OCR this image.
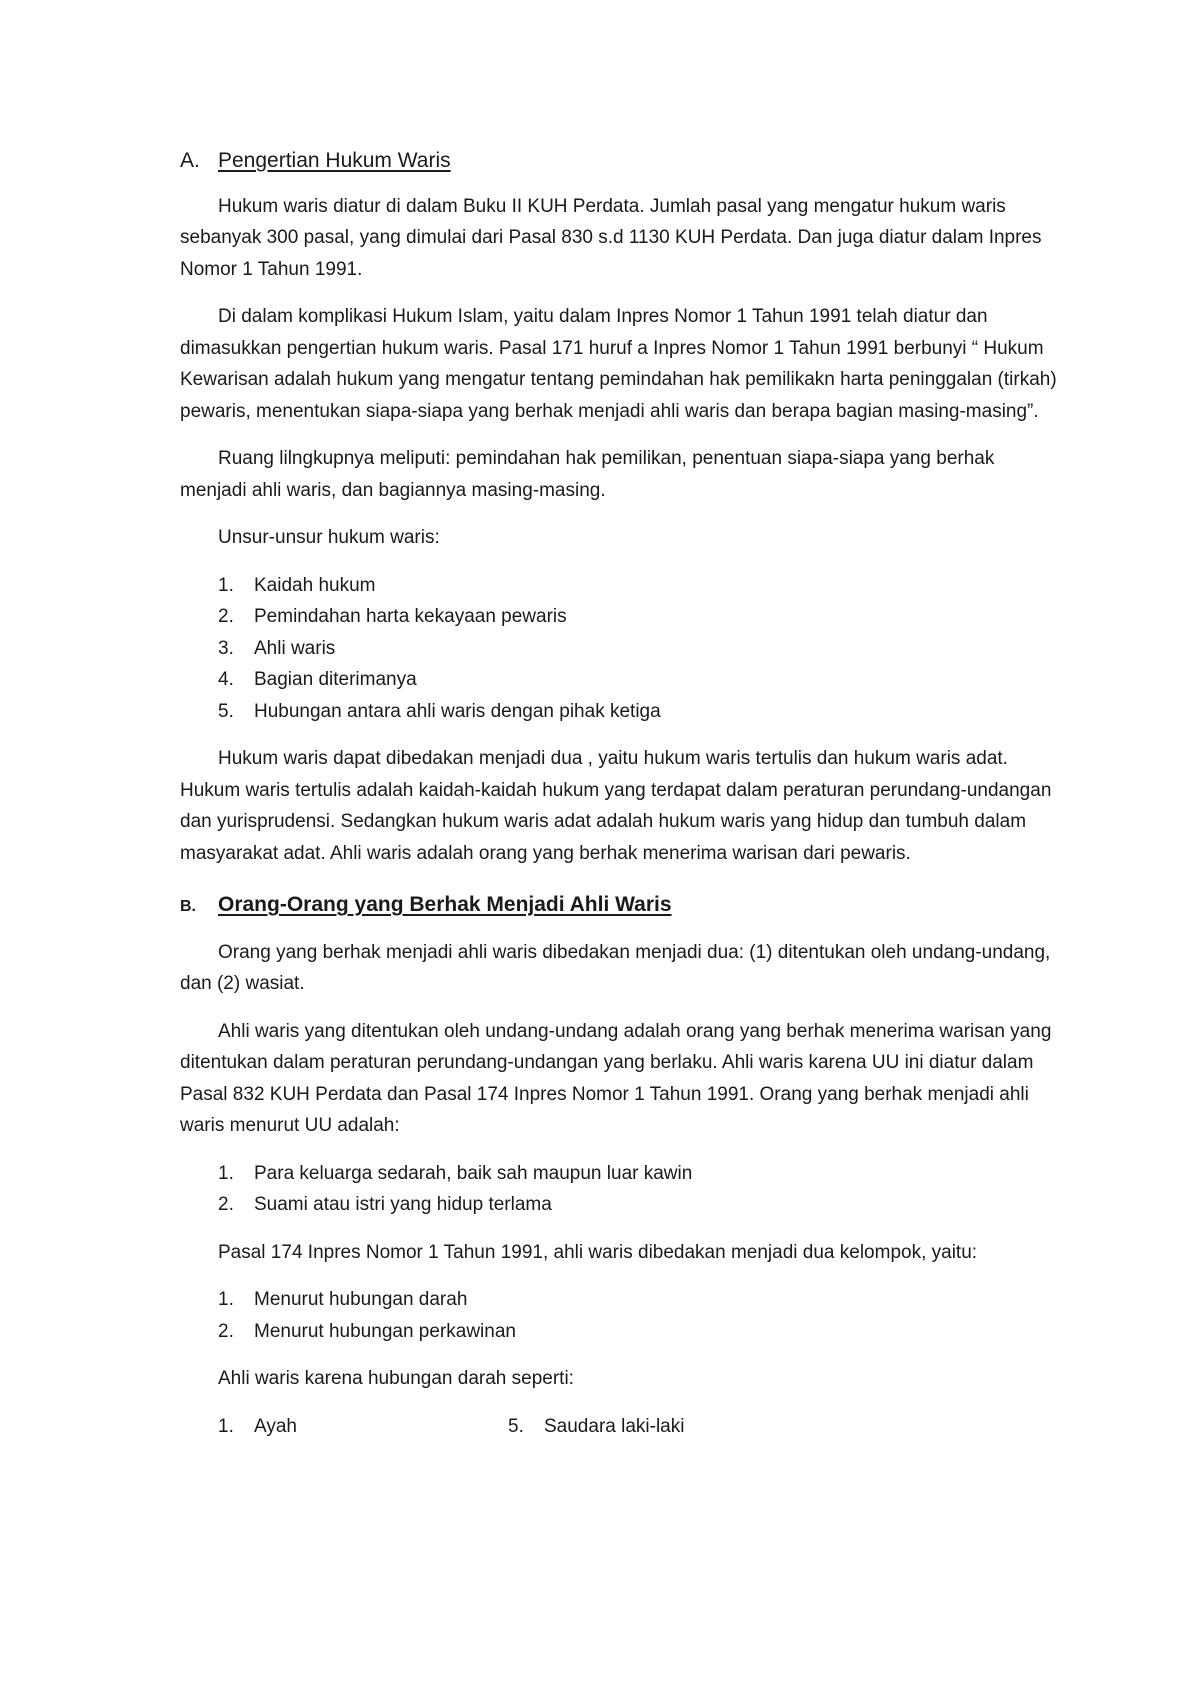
A. Pengertian Hukum Waris

Hukum waris diatur di dalam Buku II KUH Perdata. Jumlah pasal yang mengatur hukum waris sebanyak 300 pasal, yang dimulai dari Pasal 830 s.d 1130 KUH Perdata. Dan juga diatur dalam Inpres Nomor 1 Tahun 1991.

Di dalam komplikasi Hukum Islam, yaitu dalam Inpres Nomor 1 Tahun 1991 telah diatur dan dimasukkan pengertian hukum waris. Pasal 171 huruf a Inpres Nomor 1 Tahun 1991 berbunyi “ Hukum Kewarisan adalah hukum yang mengatur tentang pemindahan hak pemilikakn harta peninggalan (tirkah) pewaris, menentukan siapa-siapa yang berhak menjadi ahli waris dan berapa bagian masing-masing”.

Ruang lilngkupnya meliputi: pemindahan hak pemilikan, penentuan siapa-siapa yang berhak menjadi ahli waris, dan bagiannya masing-masing.

Unsur-unsur hukum waris:

1.	Kaidah hukum
2.	Pemindahan harta kekayaan pewaris
3.	Ahli waris
4.	Bagian diterimanya
5.	Hubungan antara ahli waris dengan pihak ketiga

Hukum waris dapat dibedakan menjadi dua , yaitu hukum waris tertulis dan hukum waris adat. Hukum waris tertulis adalah kaidah-kaidah hukum yang terdapat dalam peraturan perundang-undangan dan yurisprudensi. Sedangkan hukum waris adat adalah hukum waris yang hidup dan tumbuh dalam masyarakat adat. Ahli waris adalah orang yang berhak menerima warisan dari pewaris.

B.	Orang-Orang yang Berhak Menjadi Ahli Waris

Orang yang berhak menjadi ahli waris dibedakan menjadi dua: (1) ditentukan oleh undang-undang, dan (2) wasiat.

Ahli waris yang ditentukan oleh undang-undang adalah orang yang berhak menerima warisan yang ditentukan dalam peraturan perundang-undangan yang berlaku. Ahli waris karena UU ini diatur dalam Pasal 832 KUH Perdata dan Pasal 174 Inpres Nomor 1 Tahun 1991. Orang yang berhak menjadi ahli waris menurut UU adalah:

1.	Para keluarga sedarah, baik sah maupun luar kawin
2.	Suami atau istri yang hidup terlama

Pasal 174 Inpres Nomor 1 Tahun 1991, ahli waris dibedakan menjadi dua kelompok, yaitu:

1.	Menurut hubungan darah
2.	Menurut hubungan perkawinan

Ahli waris karena hubungan darah seperti:

1.	Ayah	5.	Saudara laki-laki
